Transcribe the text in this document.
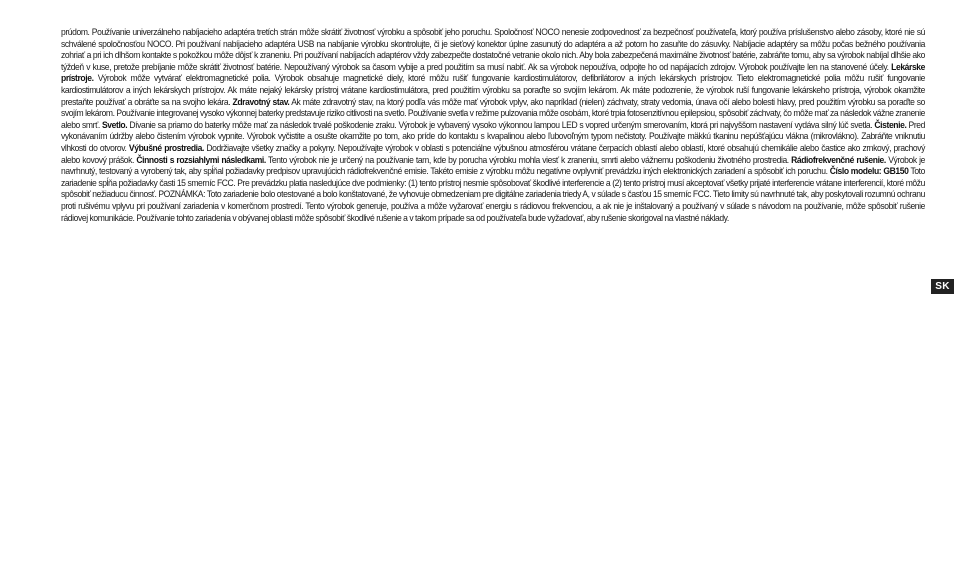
prúdom. Používanie univerzálneho nabíjacieho adaptéra tretích strán môže skrátiť životnosť výrobku a spôsobiť jeho poruchu. Spoločnosť NOCO nenesie zodpovednosť za bezpečnosť používateľa, ktorý používa príslušenstvo alebo zásoby, ktoré nie sú schválené spoločnosťou NOCO. Pri používaní nabíjacieho adaptéra USB na nabíjanie výrobku skontrolujte, či je sieťový konektor úplne zasunutý do adaptéra a až potom ho zasuňte do zásuvky. Nabíjacie adaptéry sa môžu počas bežného používania zohriať a pri ich dlhšom kontakte s pokožkou môže dôjsť k zraneniu. Pri používaní nabíjacích adaptérov vždy zabezpečte dostatočné vetranie okolo nich. Aby bola zabezpečená maximálne životnosť batérie, zabráňte tomu, aby sa výrobok nabíjal dlhšie ako týždeň v kuse, pretože prebíjanie môže skrátiť životnosť batérie. Nepoužívaný výrobok sa časom vybije a pred použitím sa musí nabiť. Ak sa výrobok nepoužíva, odpojte ho od napájacích zdrojov. Výrobok používajte len na stanovené účely. Lekárske prístroje. Výrobok môže vytvárať elektromagnetické polia. Výrobok obsahuje magnetické diely, ktoré môžu rušiť fungovanie kardiostimulátorov, defibrilátorov a iných lekárskych prístrojov. Tieto elektromagnetické polia môžu rušiť fungovanie kardiostimulátorov a iných lekárskych prístrojov. Ak máte nejaký lekársky prístroj vrátane kardiostimulátora, pred použitím výrobku sa poraďte so svojím lekárom. Ak máte podozrenie, že výrobok ruší fungovanie lekárskeho prístroja, výrobok okamžite prestaňte používať a obráťte sa na svojho lekára. Zdravotný stav. Ak máte zdravotný stav, na ktorý podľa vás môže mať výrobok vplyv, ako napríklad (nielen) záchvaty, straty vedomia, únava očí alebo bolesti hlavy, pred použitím výrobku sa poraďte so svojím lekárom. Používanie integrovanej vysoko výkonnej baterky predstavuje riziko citlivosti na svetlo. Používanie svetla v režime pulzovania môže osobám, ktoré trpia fotosenzitívnou epilepsiou, spôsobiť záchvaty, čo môže mať za následok vážne zranenie alebo smrť. Svetlo. Dívanie sa priamo do baterky môže mať za následok trvalé poškodenie zraku. Výrobok je vybavený vysoko výkonnou lampou LED s vopred určeným smerovaním, ktorá pri najvyššom nastavení vydáva silný lúč svetla. Čistenie. Pred vykonávaním údržby alebo čistením výrobok vypnite. Výrobok vyčistite a osušte okamžite po tom, ako príde do kontaktu s kvapalinou alebo ľubovoľným typom nečistoty. Používajte mäkkú tkaninu nepúšťajúcu vlákna (mikrovlákno). Zabráňte vniknutiu vlhkosti do otvorov. Výbušné prostredia. Dodržiavajte všetky značky a pokyny. Nepoužívajte výrobok v oblasti s potenciálne výbušnou atmosférou vrátane čerpacích oblastí alebo oblastí, ktoré obsahujú chemikálie alebo častice ako zrnkový, prachový alebo kovový prášok. Činnosti s rozsiahlymi následkami. Tento výrobok nie je určený na používanie tam, kde by porucha výrobku mohla viesť k zraneniu, smrti alebo vážnemu poškodeniu životného prostredia. Rádiofrekvenčné rušenie. Výrobok je navrhnutý, testovaný a vyrobený tak, aby spĺňal požiadavky predpisov upravujúcich rádiofrekvenčné emisie. Takéto emisie z výrobku môžu negatívne ovplyvniť prevádzku iných elektronických zariadení a spôsobiť ich poruchu. Číslo modelu: GB150 Toto zariadenie spĺňa požiadavky časti 15 smerníc FCC. Pre prevádzku platia nasledujúce dve podmienky: (1) tento prístroj nesmie spôsobovať škodlivé interferencie a (2) tento prístroj musí akceptovať všetky prijaté interferencie vrátane interferencií, ktoré môžu spôsobiť nežiaducu činnosť. POZNÁMKA: Toto zariadenie bolo otestované a bolo konštatované, že vyhovuje obmedzeniam pre digitálne zariadenia triedy A, v súlade s časťou 15 smerníc FCC. Tieto limity sú navrhnuté tak, aby poskytovali rozumnú ochranu proti rušivému vplyvu pri používaní zariadenia v komerčnom prostredí. Tento výrobok generuje, používa a môže vyžarovať energiu s rádiovou frekvenciou, a ak nie je inštalovaný a používaný v súlade s návodom na používanie, môže spôsobiť rušenie rádiovej komunikácie. Používanie tohto zariadenia v obývanej oblasti môže spôsobiť škodlivé rušenie a v takom prípade sa od používateľa bude vyžadovať, aby rušenie skorigoval na vlastné náklady.

SK
